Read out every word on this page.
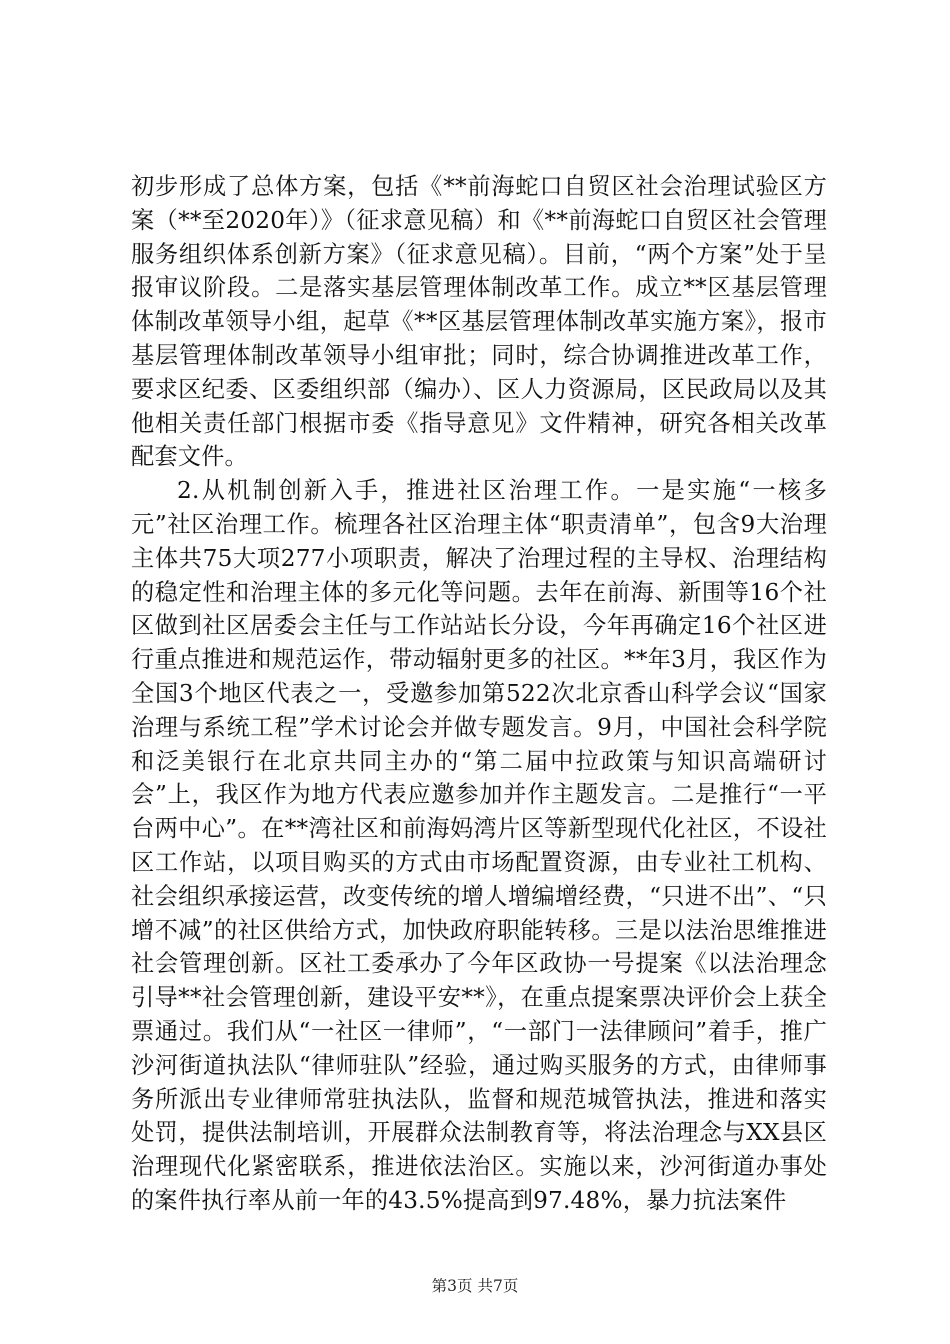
初步形成了总体方案，包括《**前海蛇口自贸区社会治理试验区方案（**至2020年）》（征求意见稿）和《**前海蛇口自贸区社会管理服务组织体系创新方案》（征求意见稿）。目前，“两个方案”处于呈报审议阶段。二是落实基层管理体制改革工作。成立**区基层管理体制改革领导小组，起草《**区基层管理体制改革实施方案》，报市基层管理体制改革领导小组审批；同时，综合协调推进改革工作，要求区纪委、区委组织部（编办）、区人力资源局，区民政局以及其他相关责任部门根据市委《指导意见》文件精神，研究各相关改革配套文件。

2.从机制创新入手，推进社区治理工作。一是实施“一核多元”社区治理工作。梳理各社区治理主体“职责清单”，包含9大治理主体共75大项277小项职责，解决了治理过程的主导权、治理结构的稳定性和治理主体的多元化等问题。去年在前海、新围等16个社区做到社区居委会主任与工作站站长分设，今年再确定16个社区进行重点推进和规范运作，带动辐射更多的社区。**年3月，我区作为全国3个地区代表之一，受邀参加第522次北京香山科学会议“国家治理与系统工程”学术讨论会并做专题发言。9月，中国社会科学院和泛美银行在北京共同主办的“第二届中拉政策与知识高端研讨会”上，我区作为地方代表应邀参加并作主题发言。二是推行“一平台两中心”。在**湾社区和前海妈湾片区等新型现代化社区，不设社区工作站，以项目购买的方式由市场配置资源，由专业社工机构、社会组织承接运营，改变传统的增人增编增经费，“只进不出”、“只增不减”的社区供给方式，加快政府职能转移。三是以法治思维推进社会管理创新。区社工委承办了今年区政协一号提案《以法治理念引导**社会管理创新，建设平安**》，在重点提案票决评价会上获全票通过。我们从“一社区一律师”，“一部门一法律顾问”着手，推广沙河街道执法队“律师驻队”经验，通过购买服务的方式，由律师事务所派出专业律师常驻执法队，监督和规范城管执法，推进和落实处罚，提供法制培训，开展群众法制教育等，将法治理念与XX县区治理现代化紧密联系，推进依法治区。实施以来，沙河街道办事处的案件执行率从前一年的43.5%提高到97.48%，暴力抗法案件

第3页 共7页
